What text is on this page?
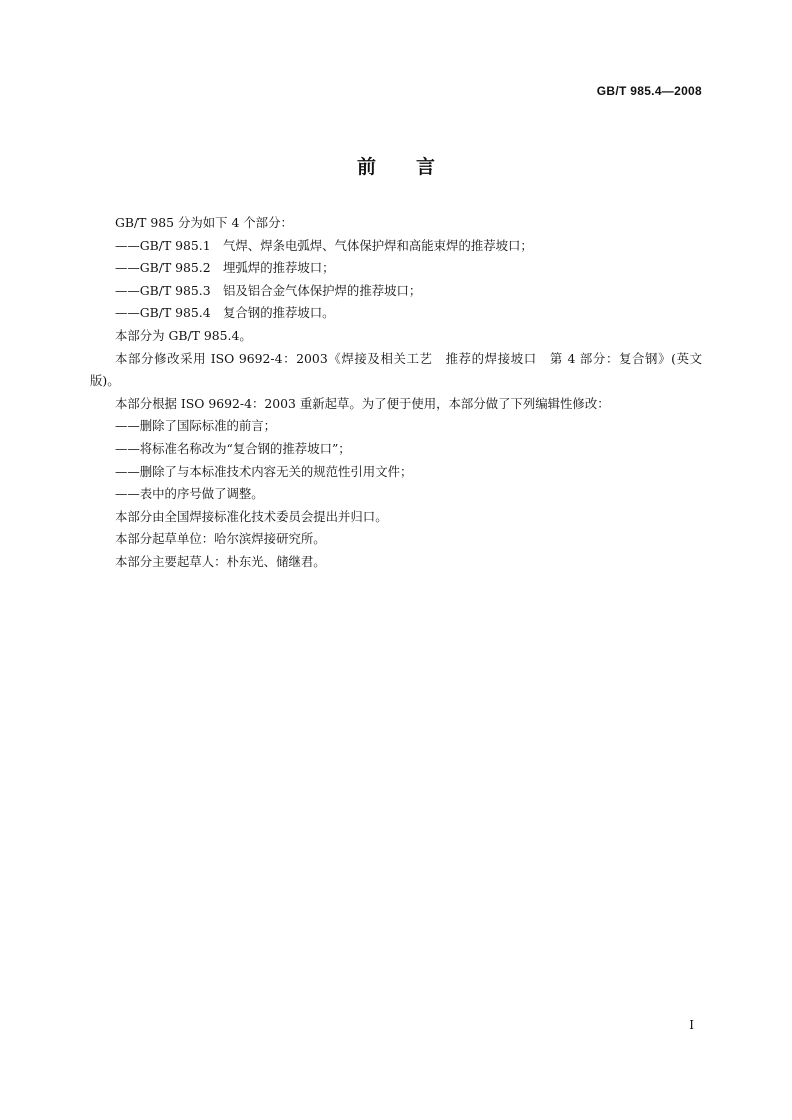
GB/T 985.4—2008
前 言

GB/T 985 分为如下 4 个部分：

——GB/T 985.1　气焊、焊条电弧焊、气体保护焊和高能束焊的推荐坡口；

——GB/T 985.2　埋弧焊的推荐坡口；

——GB/T 985.3　铝及铝合金气体保护焊的推荐坡口；

——GB/T 985.4　复合钢的推荐坡口。

本部分为 GB/T 985.4。

本部分修改采用 ISO 9692-4：2003《焊接及相关工艺　推荐的焊接坡口　第 4 部分：复合钢》(英文版)。

本部分根据 ISO 9692-4：2003 重新起草。为了便于使用，本部分做了下列编辑性修改：

——删除了国际标准的前言；

——将标准名称改为“复合钢的推荐坡口”；

——删除了与本标准技术内容无关的规范性引用文件；

——表中的序号做了调整。

本部分由全国焊接标准化技术委员会提出并归口。

本部分起草单位：哈尔滨焊接研究所。

本部分主要起草人：朴东光、储继君。

I
